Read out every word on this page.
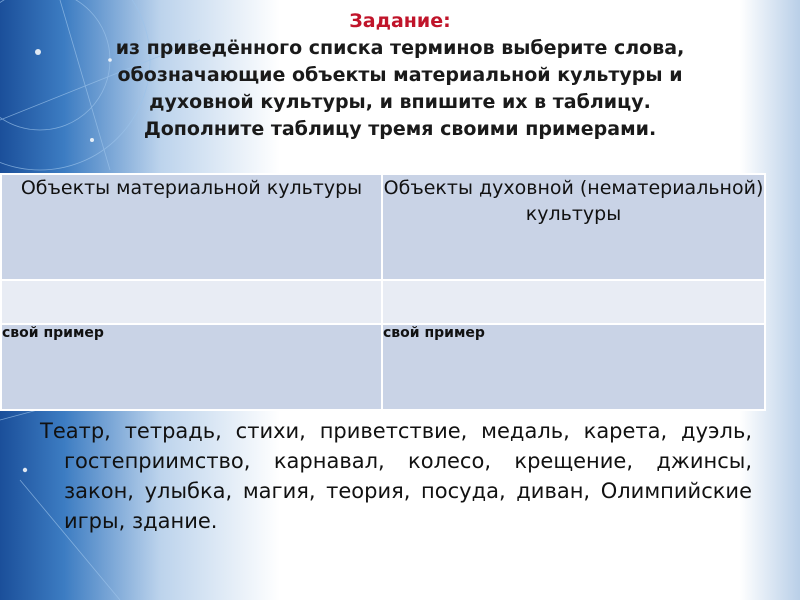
Задание:
из приведённого списка терминов выберите слова,
обозначающие объекты материальной культуры и
духовной культуры, и впишите их в таблицу.
Дополните таблицу тремя своими примерами.
Объекты материальной культуры	Объекты духовной (нематериальной) культуры

свой пример	свой пример
Театр, тетрадь, стихи, приветствие, медаль, карета, дуэль, гостеприимство, карнавал, колесо, крещение, джинсы, закон, улыбка, магия, теория, посуда, диван, Олимпийские игры, здание.
